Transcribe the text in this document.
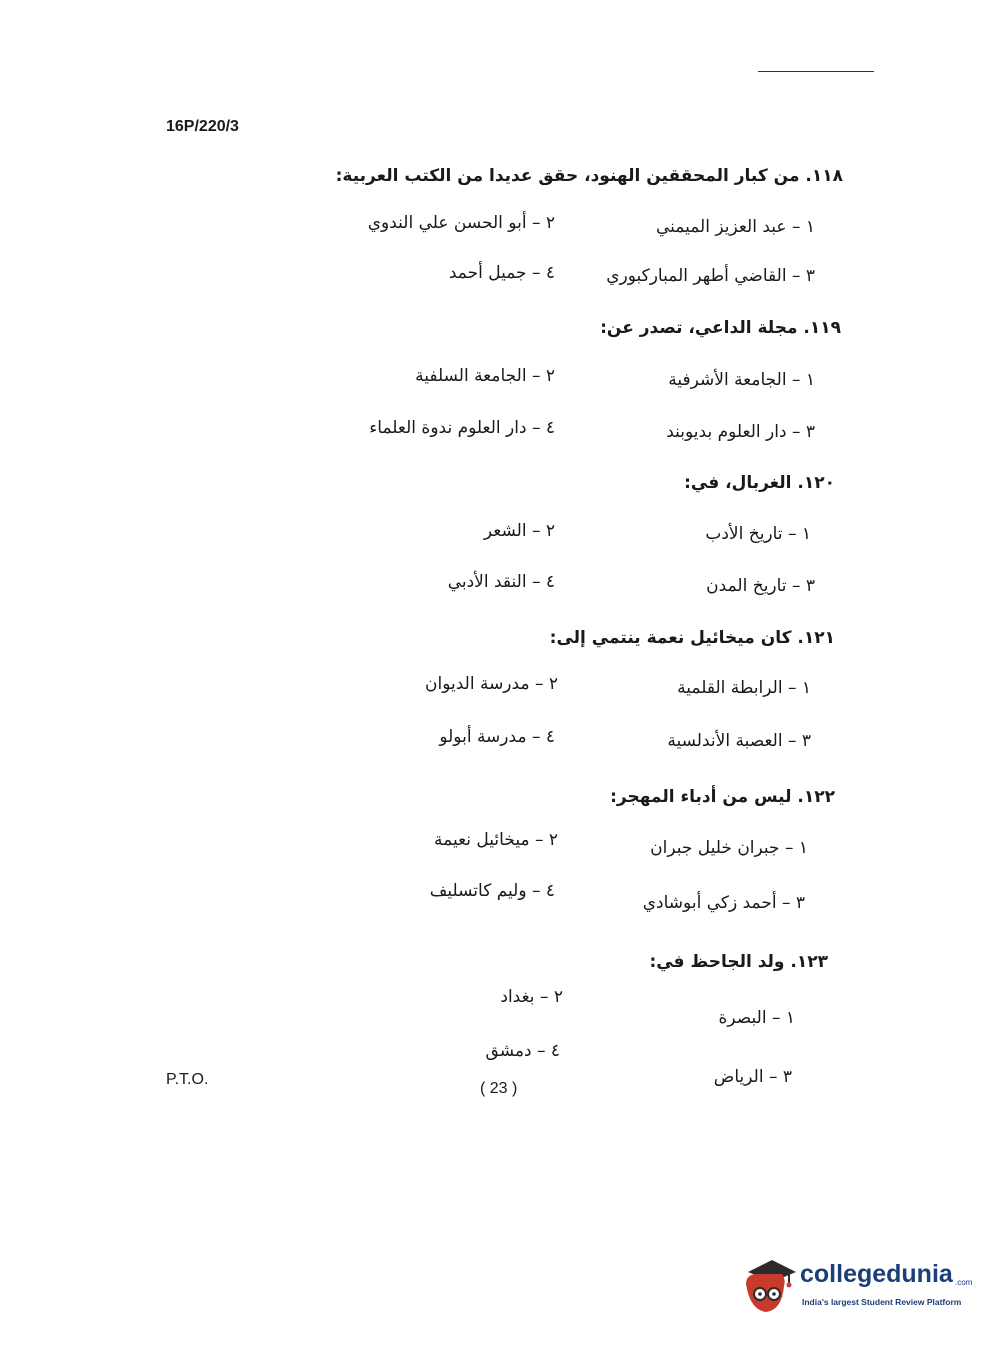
16P/220/3
١١٨. من كبار المحققين الهنود، حقق عديدا من الكتب العربية:
١ – عبد العزيز الميمني
٢ – أبو الحسن علي الندوي
٣ – القاضي أطهر المباركبوري
٤ – جميل أحمد
١١٩. مجلة الداعي، تصدر عن:
١ – الجامعة الأشرفية
٢ – الجامعة السلفية
٣ – دار العلوم بديوبند
٤ – دار العلوم ندوة العلماء
١٢٠. الغربال، في:
١ – تاريخ الأدب
٢ – الشعر
٣ – تاريخ المدن
٤ – النقد الأدبي
١٢١. كان ميخائيل نعمة ينتمي إلى:
١ – الرابطة القلمية
٢ – مدرسة الديوان
٣ – العصبة الأندلسية
٤ – مدرسة أبولو
١٢٢. ليس من أدباء المهجر:
١ – جبران خليل جبران
٢ – ميخائيل نعيمة
٣ – أحمد زكي أبوشادي
٤ – وليم كاتسليف
١٢٣. ولد الجاحظ في:
١ – البصرة
٢ – بغداد
٣ – الرياض
٤ – دمشق
P.T.O.
( 23 )
collegedunia .com
India's largest Student Review Platform
